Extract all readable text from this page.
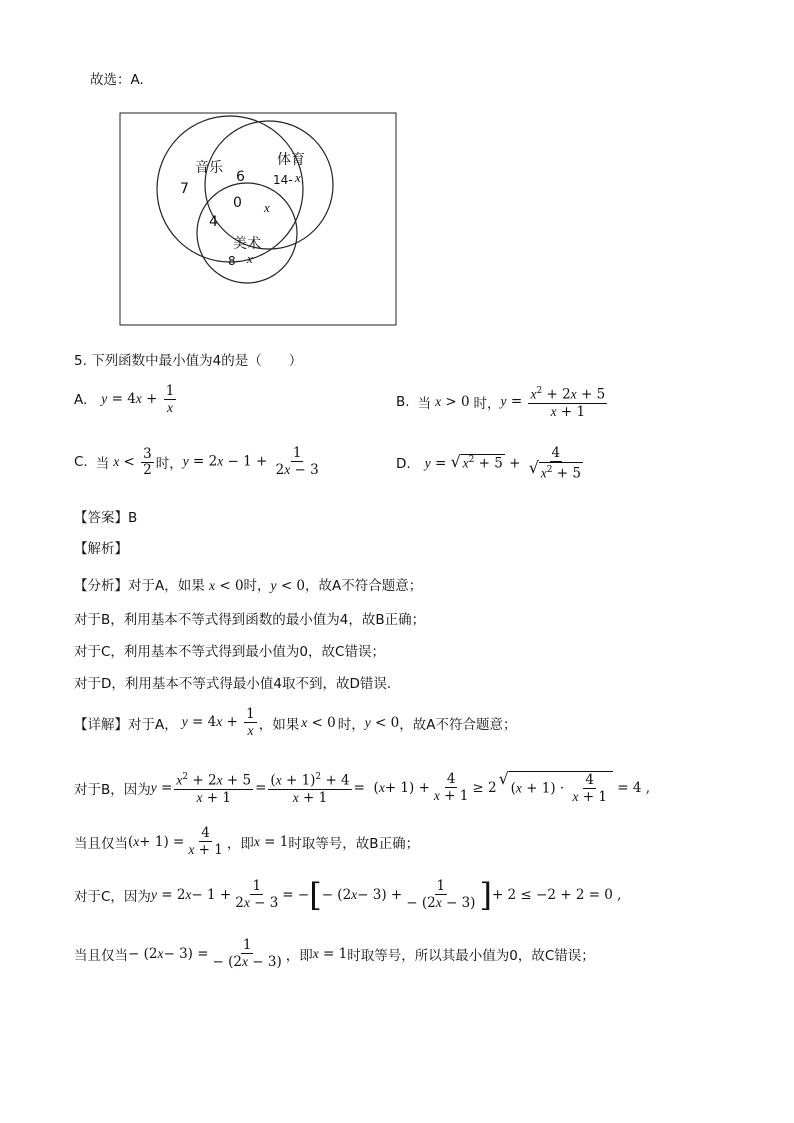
故选：A.
音乐	体育
美术
7
6
0
14- x
x
4
8- x
5. 下列函数中最小值为4的是（　　）
A. $y = 4x + \frac{1}{x}$	B. 当 x > 0 时， $y = \frac{x^2 + 2x + 5}{x + 1}$
C. 当 $x < \frac{3}{2}$ 时， $y = 2x - 1 + \frac{1}{2x - 3}$	D. y = √ $x^2 + 5 + 4$
√ $x^2 + 5$
【答案】B
【解析】
【分析】对于A，如果 x < 0时，y < 0，故A不符合题意；
对于B，利用基本不等式得到函数的最小值为4，故B正确；
对于C，利用基本不等式得到最小值为0，故C错误；
对于D，利用基本不等式得最小值4取不到，故D错误.
【详解】对于A， $y = 4x + \frac{1}{x}$ ，如果 x < 0 时， y < 0 ，故A不符合题意；
对于B，因为 $y = \frac{x^2 + 2x + 5}{x + 1} = \frac{(x + 1)^2 + 4}{x + 1}$ =  ( $x + 1) + \frac{4}{x + 1} \ge 2$
√ $(x + 1) \cdot \frac{4}{x + 1} = 4$ ,
当且仅当 ( $x + 1) = \frac{4}{x + 1}$ ，即 x = 1 时取等号，故B正确；
对于C，因为 y = 2 $x - 1 + \frac{1}{2x - 3}$ = − [ − (2 $x - 3) + \frac{1}{- (2x - 3)}$ ] + 2 ≤ −2 + 2 = 0 ,
当且仅当 − (2 $x - 3) = \frac{1}{- (2x - 3)}$ ，即 x = 1 时取等号，所以其最小值为0，故C错误；
